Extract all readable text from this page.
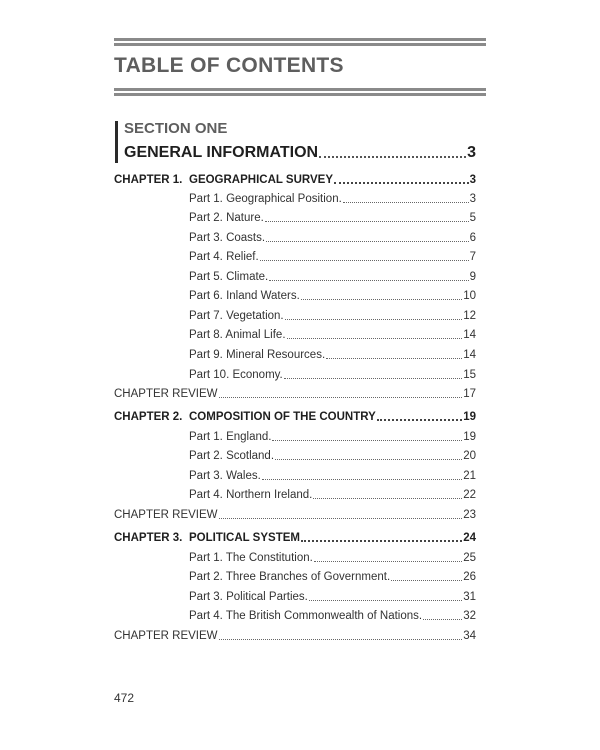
TABLE OF CONTENTS
SECTION ONE
GENERAL INFORMATION	3
CHAPTER 1. GEOGRAPHICAL SURVEY	3
Part 1. Geographical Position.	3
Part 2. Nature.	5
Part 3. Coasts.	6
Part 4. Relief.	7
Part 5. Climate.	9
Part 6. Inland Waters.	10
Part 7. Vegetation.	12
Part 8. Animal Life.	14
Part 9. Mineral Resources.	14
Part 10. Economy.	15
CHAPTER REVIEW	17
CHAPTER 2. COMPOSITION OF THE COUNTRY	19
Part 1. England.	19
Part 2. Scotland.	20
Part 3. Wales.	21
Part 4. Northern Ireland.	22
CHAPTER REVIEW	23
CHAPTER 3. POLITICAL SYSTEM	24
Part 1. The Constitution.	25
Part 2. Three Branches of Government.	26
Part 3. Political Parties.	31
Part 4. The British Commonwealth of Nations.	32
CHAPTER REVIEW	34
472
